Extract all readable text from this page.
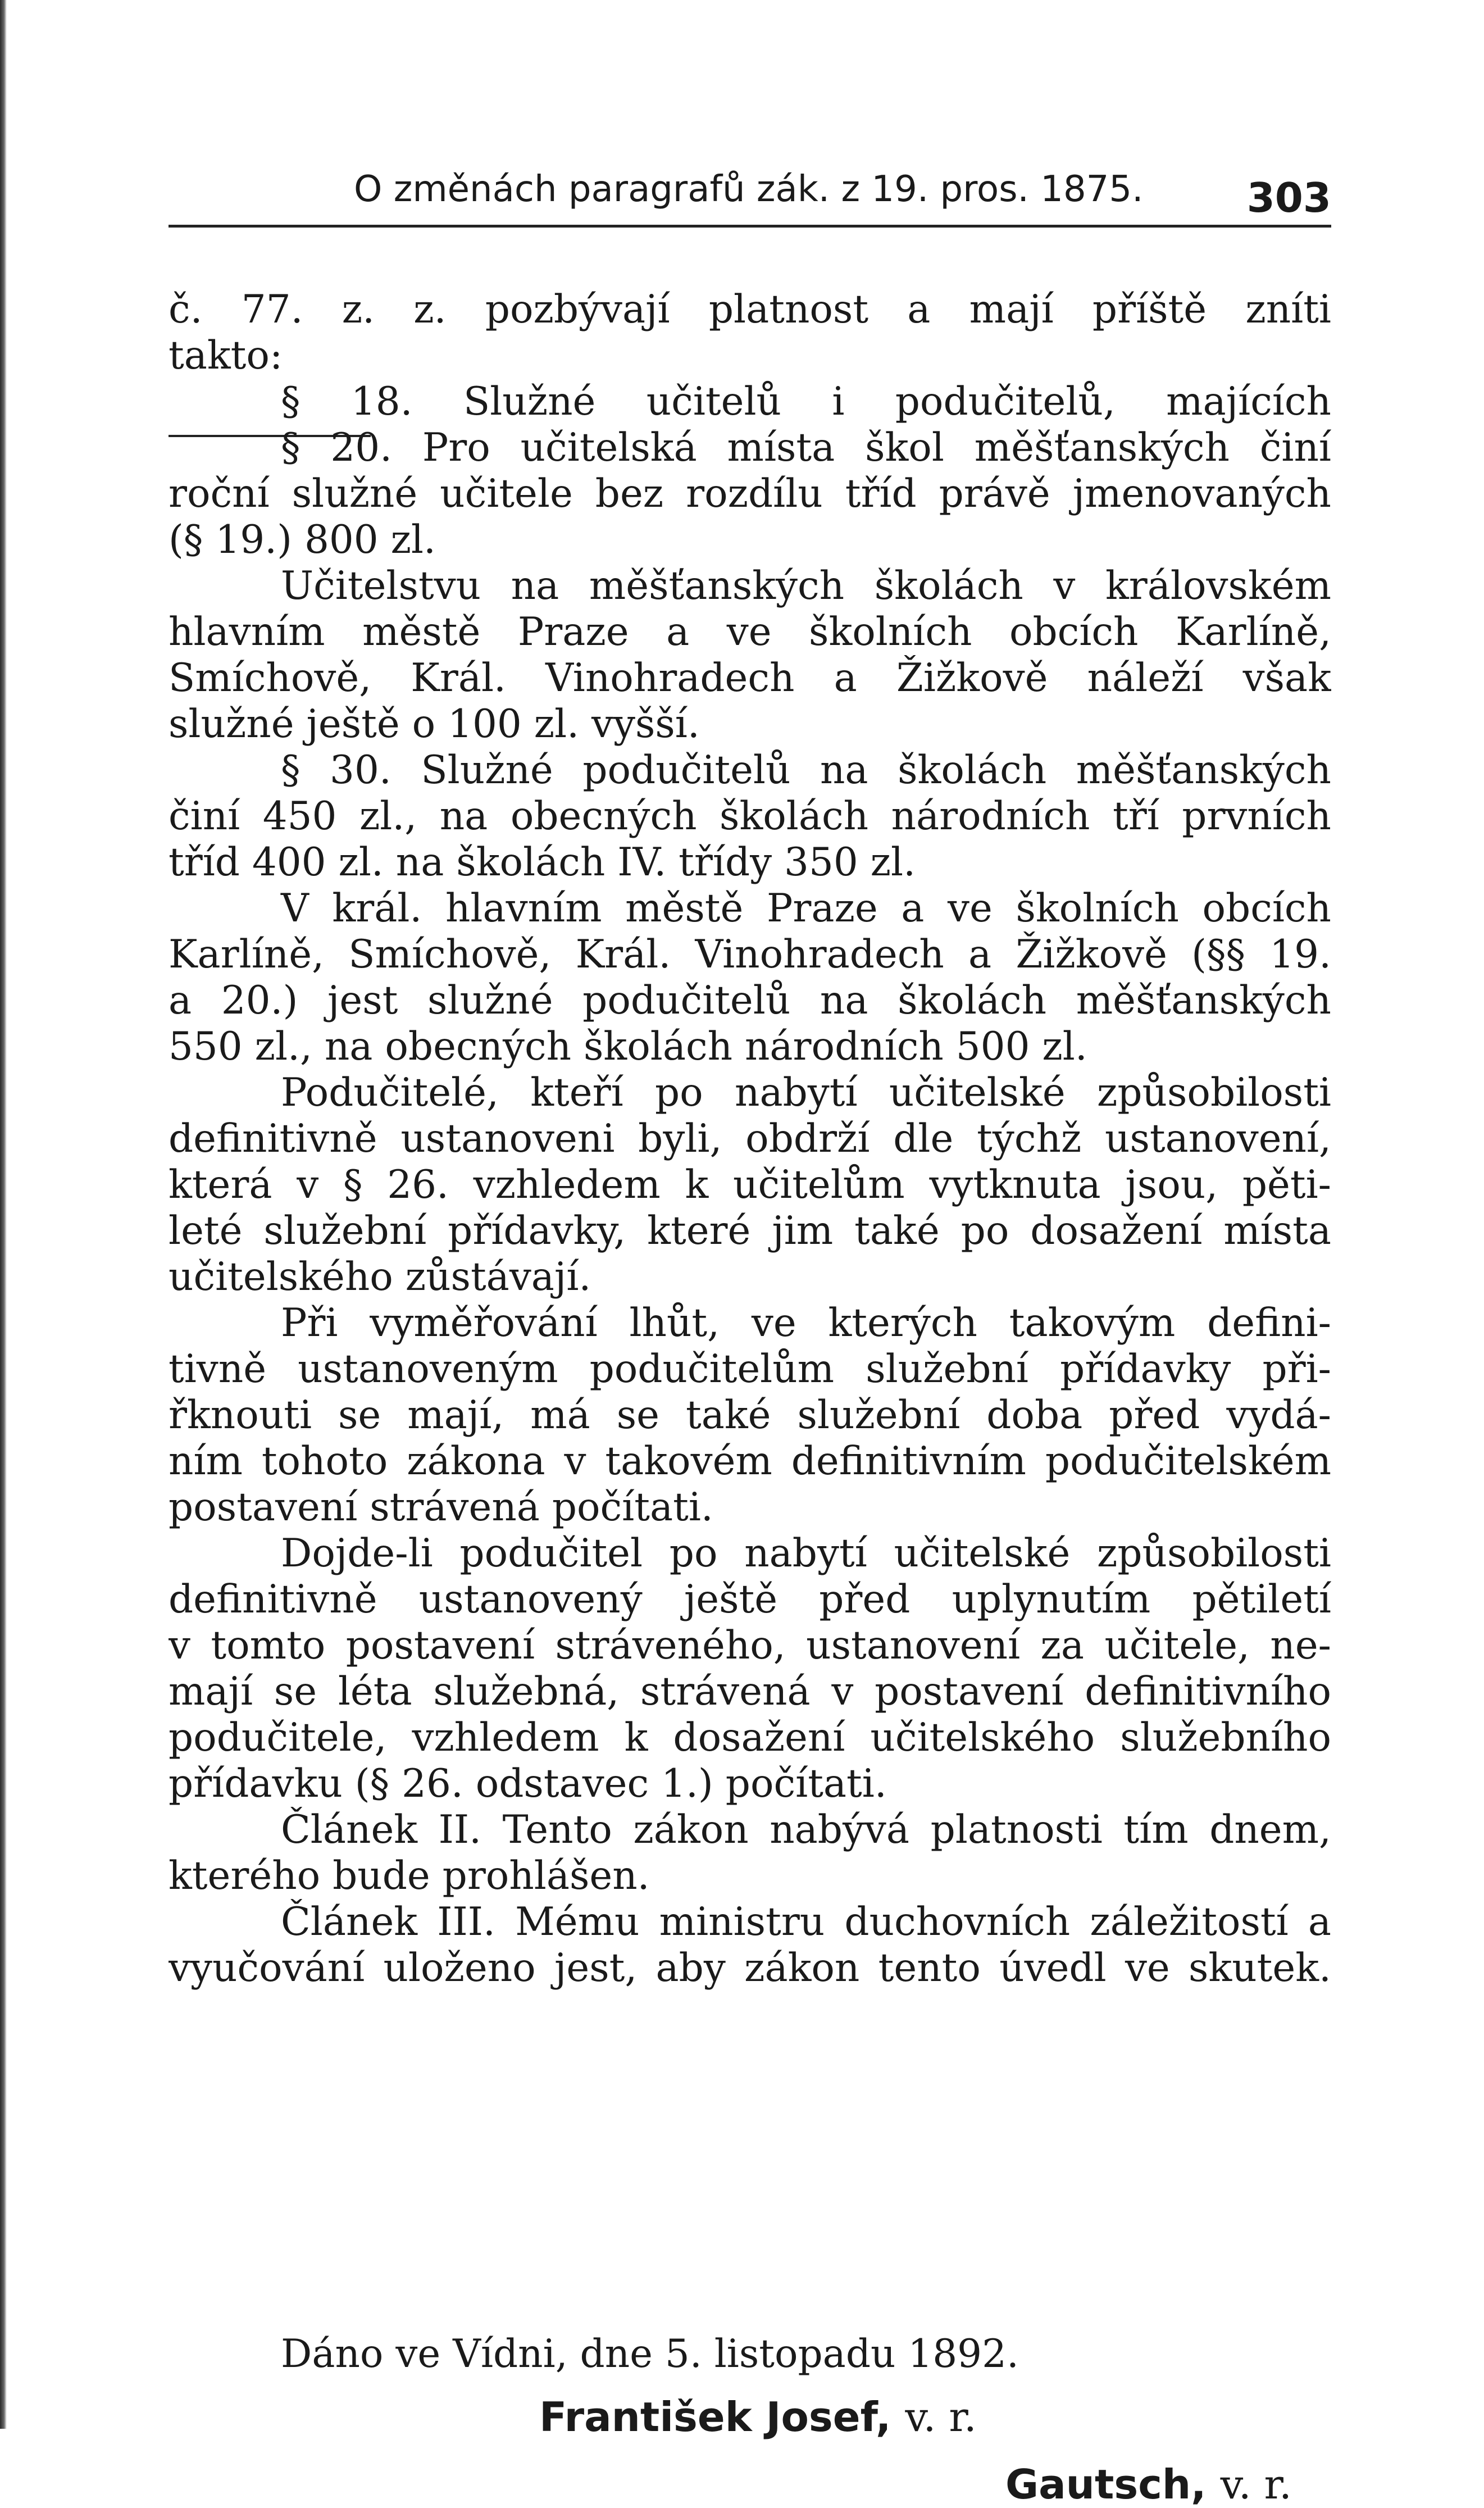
O změnách paragrafů zák. z 19. pros. 1875.	303
č. 77. z. z. pozbývají platnost a mají příště zníti
takto:
§ 18. Služné učitelů i podučitelů, majících
§ 20. Pro učitelská místa škol měšťanských činí
roční služné učitele bez rozdílu tříd právě jmenovaných
(§ 19.) 800 zl.
Učitelstvu na měšťanských školách v královském
hlavním městě Praze a ve školních obcích Karlíně,
Smíchově, Král. Vinohradech a Žižkově náleží však
služné ještě o 100 zl. vyšší.
§ 30. Služné podučitelů na školách měšťanských
činí 450 zl., na obecných školách národních tří prvních
tříd 400 zl. na školách IV. třídy 350 zl.
V král. hlavním městě Praze a ve školních obcích
Karlíně, Smíchově, Král. Vinohradech a Žižkově (§§ 19.
a 20.) jest služné podučitelů na školách měšťanských
550 zl., na obecných školách národních 500 zl.
Podučitelé, kteří po nabytí učitelské způsobilosti
definitivně ustanoveni byli, obdrží dle týchž ustanovení,
která v § 26. vzhledem k učitelům vytknuta jsou, pěti-
leté služební přídavky, které jim také po dosažení místa
učitelského zůstávají.
Při vyměřování lhůt, ve kterých takovým defini-
tivně ustanoveným podučitelům služební přídavky při-
řknouti se mají, má se také služební doba před vydá-
ním tohoto zákona v takovém definitivním podučitelském
postavení strávená počítati.
Dojde-li podučitel po nabytí učitelské způsobilosti
definitivně ustanovený ještě před uplynutím pětiletí
v tomto postavení stráveného, ustanovení za učitele, ne-
mají se léta služebná, strávená v postavení definitivního
podučitele, vzhledem k dosažení učitelského služebního
přídavku (§ 26. odstavec 1.) počítati.
Článek II. Tento zákon nabývá platnosti tím dnem,
kterého bude prohlášen.
Článek III. Mému ministru duchovních záležitostí a
vyučování uloženo jest, aby zákon tento úvedl ve skutek.
Dáno ve Vídni, dne 5. listopadu 1892.
František Josef, v. r.
Gautsch, v. r.
